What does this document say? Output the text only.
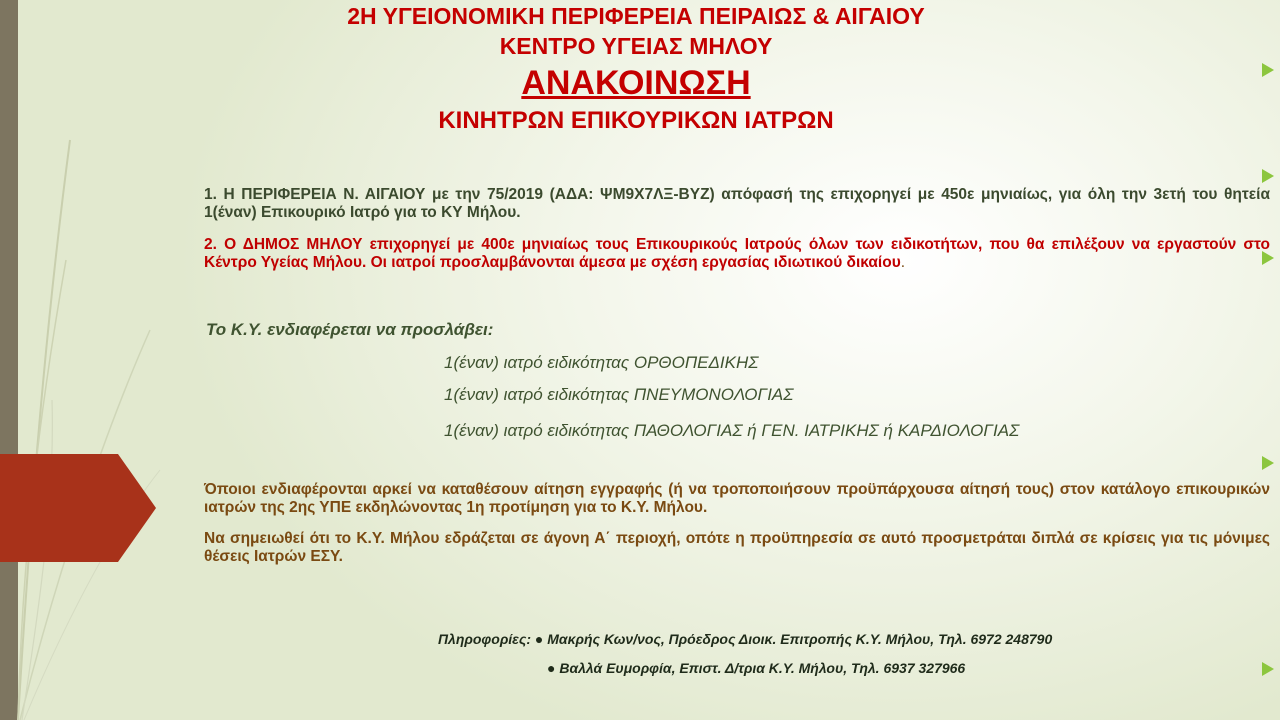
2Η ΥΓΕΙΟΝΟΜΙΚΗ ΠΕΡΙΦΕΡΕΙΑ ΠΕΙΡΑΙΩΣ & ΑΙΓΑΙΟΥ
ΚΕΝΤΡΟ ΥΓΕΙΑΣ ΜΗΛΟΥ
ΑΝΑΚΟΙΝΩΣΗ
ΚΙΝΗΤΡΩΝ ΕΠΙΚΟΥΡΙΚΩΝ ΙΑΤΡΩΝ
1. Η ΠΕΡΙΦΕΡΕΙΑ Ν. ΑΙΓΑΙΟΥ με την 75/2019 (ΑΔΑ: ΨΜ9Χ7ΛΞ-ΒΥΖ) απόφασή της επιχορηγεί με 450ε μηνιαίως, για όλη την 3ετή του θητεία 1(έναν) Επικουρικό Ιατρό για το ΚΥ Μήλου.
2. Ο ΔΗΜΟΣ ΜΗΛΟΥ επιχορηγεί με 400ε μηνιαίως τους Επικουρικούς Ιατρούς όλων των ειδικοτήτων, που θα επιλέξουν να εργαστούν στο Κέντρο Υγείας Μήλου. Οι ιατροί προσλαμβάνονται άμεσα με σχέση εργασίας ιδιωτικού δικαίου.
Το Κ.Υ. ενδιαφέρεται να προσλάβει:
1(έναν) ιατρό ειδικότητας ΟΡΘΟΠΕΔΙΚΗΣ
1(έναν) ιατρό ειδικότητας ΠΝΕΥΜΟΝΟΛΟΓΙΑΣ
1(έναν) ιατρό ειδικότητας ΠΑΘΟΛΟΓΙΑΣ ή ΓΕΝ. ΙΑΤΡΙΚΗΣ ή ΚΑΡΔΙΟΛΟΓΙΑΣ
Όποιοι ενδιαφέρονται αρκεί να καταθέσουν αίτηση εγγραφής (ή να τροποποιήσουν προϋπάρχουσα αίτησή τους) στον κατάλογο επικουρικών ιατρών της 2ης ΥΠΕ εκδηλώνοντας 1η προτίμηση για το Κ.Υ. Μήλου.
Να σημειωθεί ότι το Κ.Υ. Μήλου εδράζεται σε άγονη Α΄ περιοχή, οπότε η προϋπηρεσία σε αυτό προσμετράται διπλά σε κρίσεις για τις μόνιμες θέσεις Ιατρών ΕΣΥ.
Πληροφορίες: ● Μακρής Κων/νος, Πρόεδρος Διοικ. Επιτροπής Κ.Υ. Μήλου, Τηλ. 6972 248790
● Βαλλά Ευμορφία, Επιστ. Δ/τρια Κ.Υ. Μήλου, Τηλ. 6937 327966
